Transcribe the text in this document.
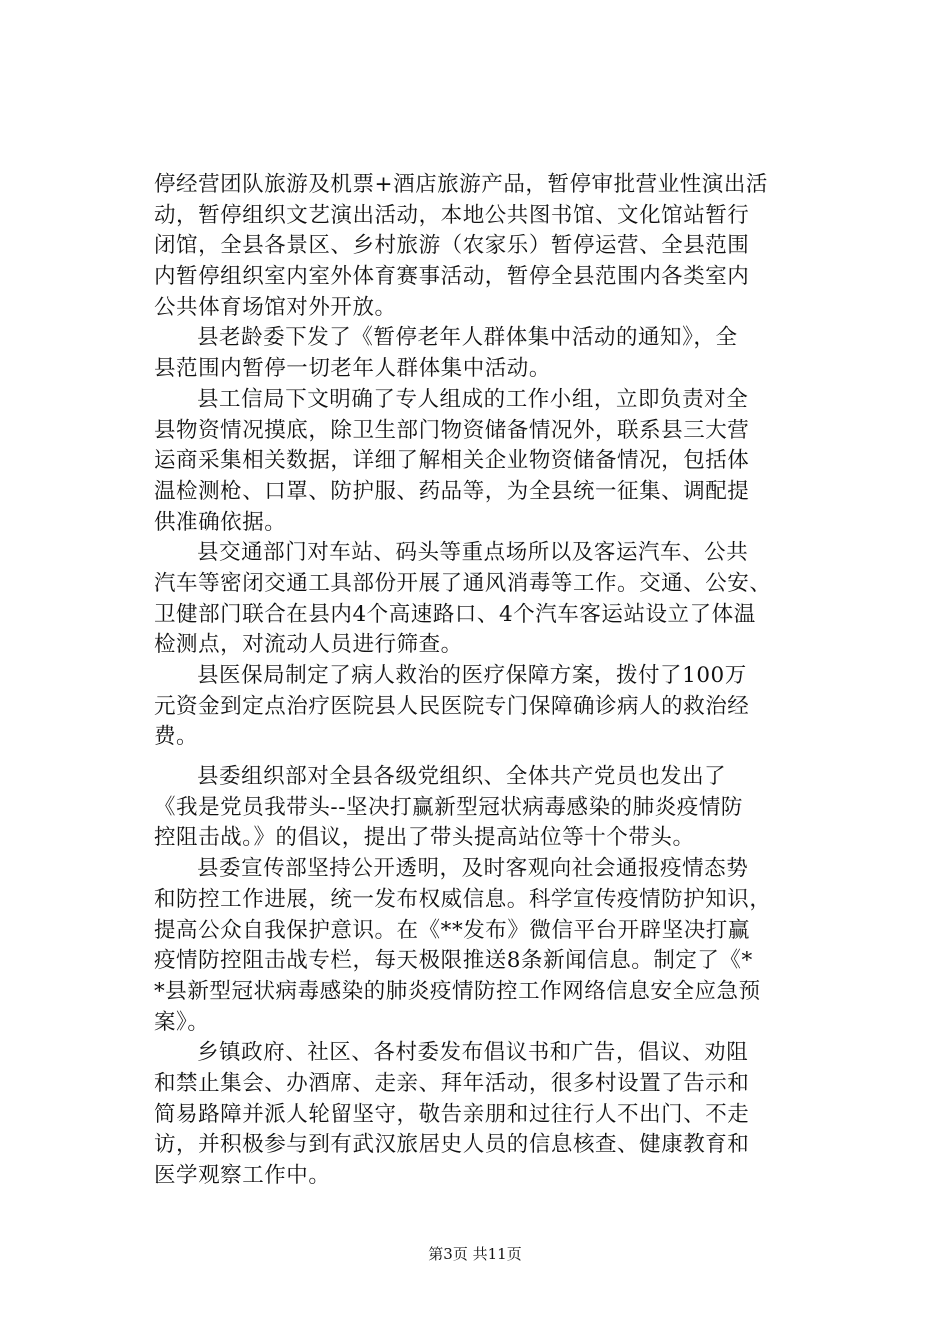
停经营团队旅游及机票+酒店旅游产品，暂停审批营业性演出活
动，暂停组织文艺演出活动，本地公共图书馆、文化馆站暂行
闭馆，全县各景区、乡村旅游（农家乐）暂停运营、全县范围
内暂停组织室内室外体育赛事活动，暂停全县范围内各类室内
公共体育场馆对外开放。
县老龄委下发了《暂停老年人群体集中活动的通知》，全
县范围内暂停一切老年人群体集中活动。
县工信局下文明确了专人组成的工作小组，立即负责对全
县物资情况摸底，除卫生部门物资储备情况外，联系县三大营
运商采集相关数据，详细了解相关企业物资储备情况，包括体
温检测枪、口罩、防护服、药品等，为全县统一征集、调配提
供准确依据。
县交通部门对车站、码头等重点场所以及客运汽车、公共
汽车等密闭交通工具部份开展了通风消毒等工作。交通、公安、
卫健部门联合在县内4个高速路口、4个汽车客运站设立了体温
检测点，对流动人员进行筛查。
县医保局制定了病人救治的医疗保障方案，拨付了100万
元资金到定点治疗医院县人民医院专门保障确诊病人的救治经
费。
县委组织部对全县各级党组织、全体共产党员也发出了
《我是党员我带头--坚决打赢新型冠状病毒感染的肺炎疫情防
控阻击战。》的倡议，提出了带头提高站位等十个带头。
县委宣传部坚持公开透明，及时客观向社会通报疫情态势
和防控工作进展，统一发布权威信息。科学宣传疫情防护知识，
提高公众自我保护意识。在《**发布》微信平台开辟坚决打赢
疫情防控阻击战专栏，每天极限推送8条新闻信息。制定了《*
*县新型冠状病毒感染的肺炎疫情防控工作网络信息安全应急预
案》。
乡镇政府、社区、各村委发布倡议书和广告，倡议、劝阻
和禁止集会、办酒席、走亲、拜年活动，很多村设置了告示和
简易路障并派人轮留坚守，敬告亲朋和过往行人不出门、不走
访，并积极参与到有武汉旅居史人员的信息核查、健康教育和
医学观察工作中。
第3页 共11页
